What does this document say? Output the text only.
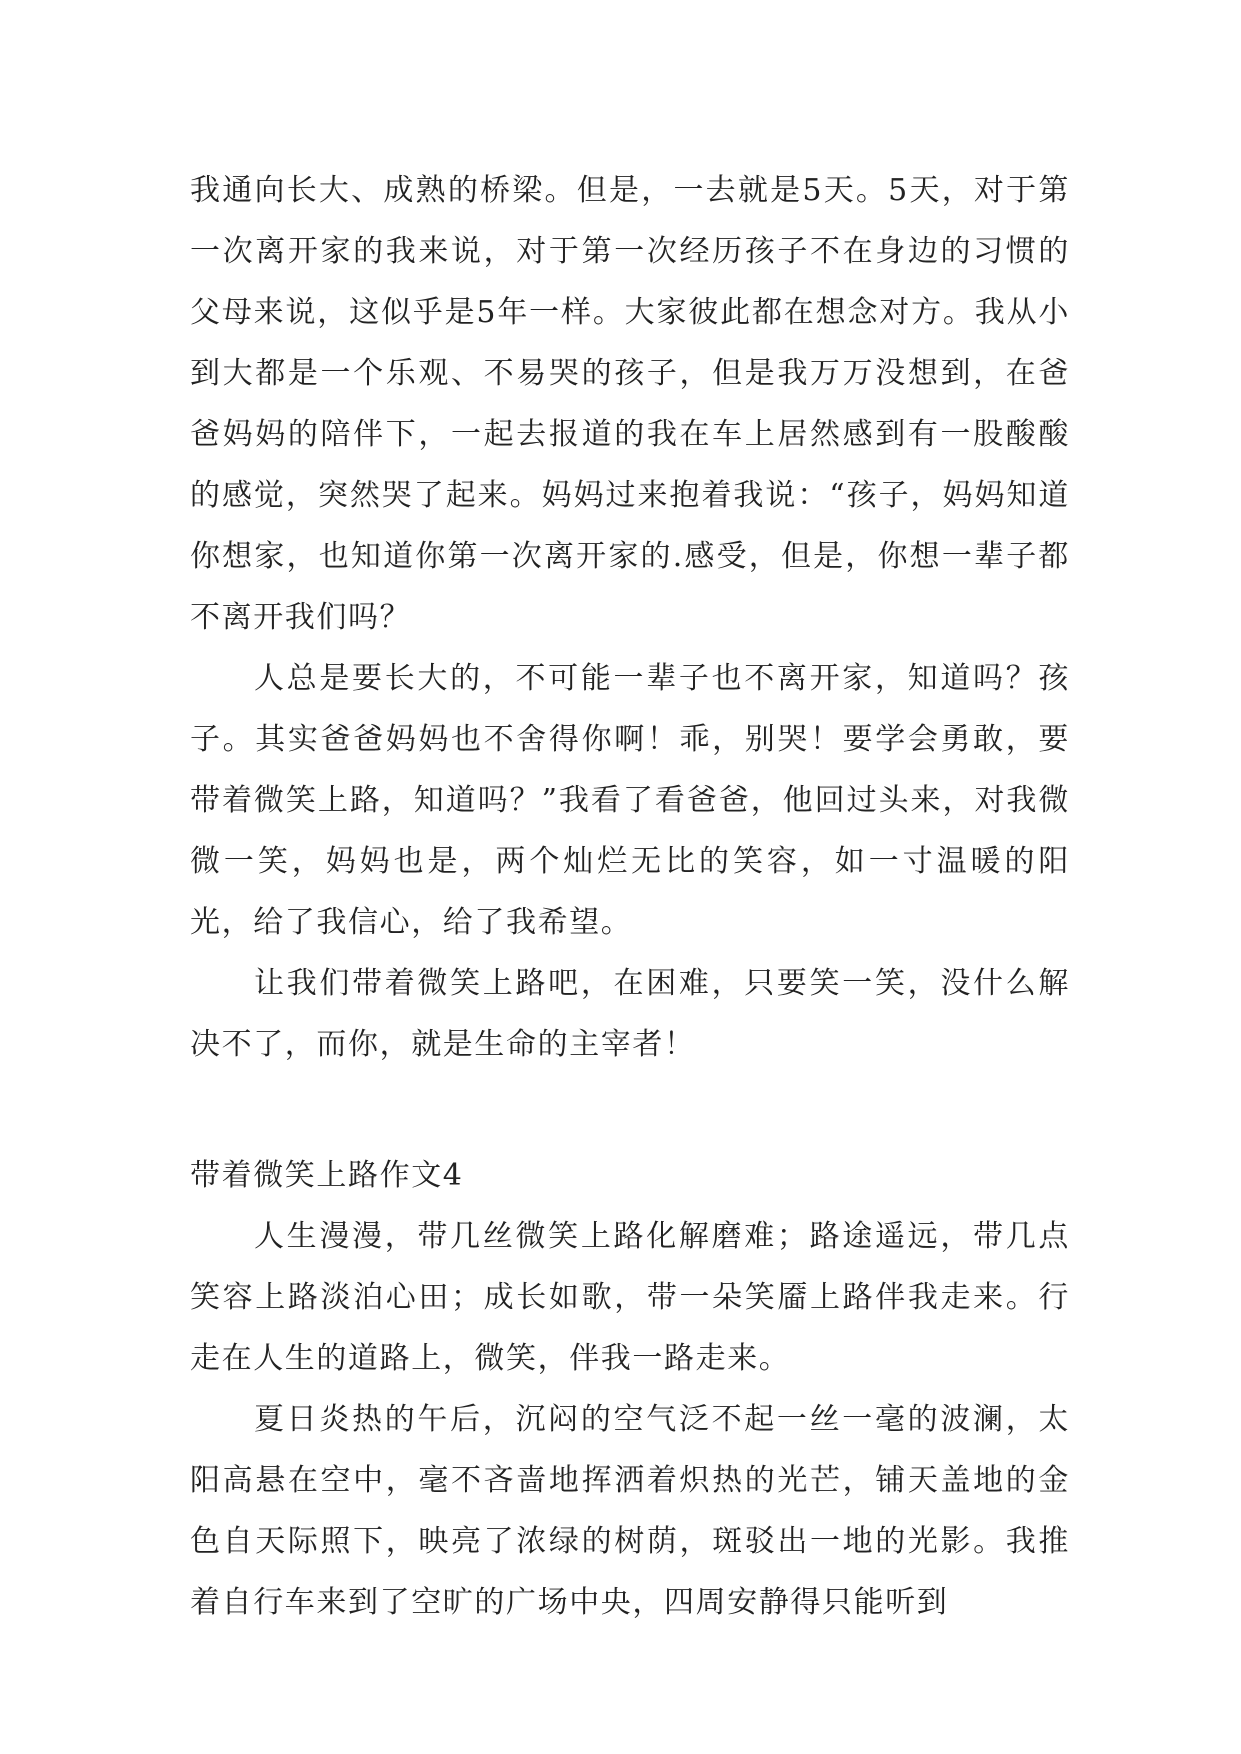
我通向长大、成熟的桥梁。但是，一去就是5天。5天，对于第一次离开家的我来说，对于第一次经历孩子不在身边的习惯的父母来说，这似乎是5年一样。大家彼此都在想念对方。我从小到大都是一个乐观、不易哭的孩子，但是我万万没想到，在爸爸妈妈的陪伴下，一起去报道的我在车上居然感到有一股酸酸的感觉，突然哭了起来。妈妈过来抱着我说：“孩子，妈妈知道你想家，也知道你第一次离开家的.感受，但是，你想一辈子都不离开我们吗？

人总是要长大的，不可能一辈子也不离开家，知道吗？孩子。其实爸爸妈妈也不舍得你啊！乖，别哭！要学会勇敢，要带着微笑上路，知道吗？”我看了看爸爸，他回过头来，对我微微一笑，妈妈也是，两个灿烂无比的笑容，如一寸温暖的阳光，给了我信心，给了我希望。

让我们带着微笑上路吧，在困难，只要笑一笑，没什么解决不了，而你，就是生命的主宰者！

带着微笑上路作文4

人生漫漫，带几丝微笑上路化解磨难；路途遥远，带几点笑容上路淡泊心田；成长如歌，带一朵笑靥上路伴我走来。行走在人生的道路上，微笑，伴我一路走来。

夏日炎热的午后，沉闷的空气泛不起一丝一毫的波澜，太阳高悬在空中，毫不吝啬地挥洒着炽热的光芒，铺天盖地的金色自天际照下，映亮了浓绿的树荫，斑驳出一地的光影。我推着自行车来到了空旷的广场中央，四周安静得只能听到
